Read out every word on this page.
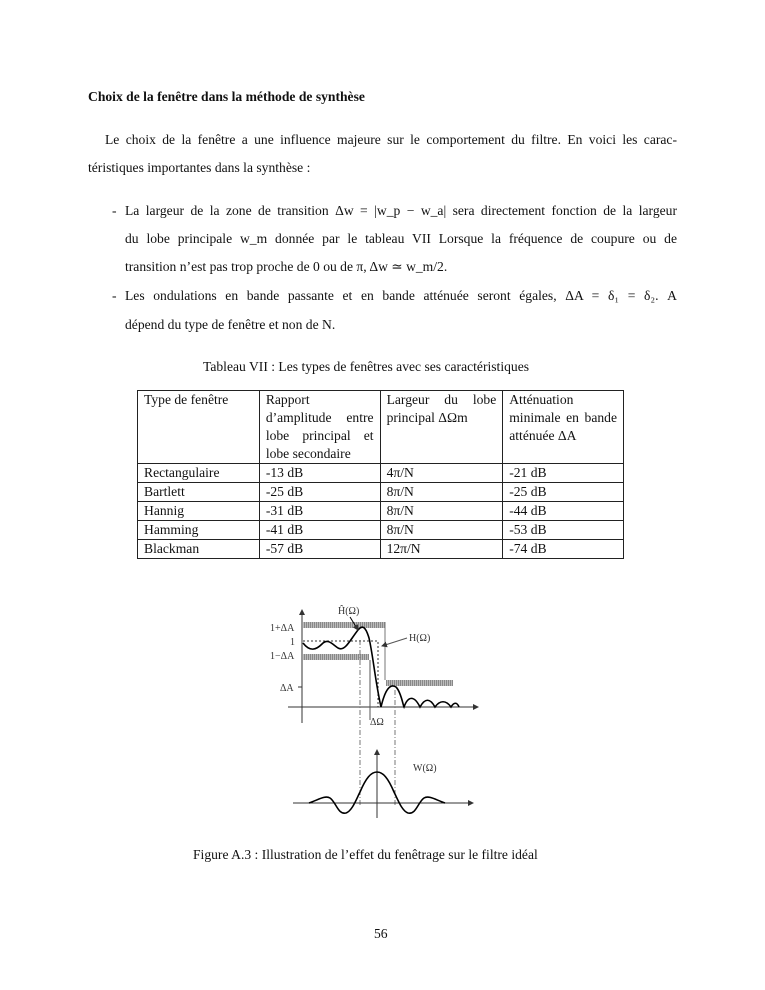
Choix de la fenêtre dans la méthode de synthèse
Le choix de la fenêtre a une influence majeure sur le comportement du filtre. En voici les carac-
téristiques importantes dans la synthèse :
- La largeur de la zone de transition Δw = |w_p − w_a| sera directement fonction de la largeur
du lobe principale w_m donnée par le tableau VII Lorsque la fréquence de coupure ou de
transition n’est pas trop proche de 0 ou de π, Δw ≃ w_m/2.
- Les ondulations en bande passante et en bande atténuée seront égales, ΔA = δ₁ = δ₂. A
dépend du type de fenêtre et non de N.
Tableau VII : Les types de fenêtres avec ses caractéristiques
Type de fenêtre	Rapport d’amplitude entre lobe principal et lobe secondaire	Largeur du lobe principal ΔΩm	Atténuation minimale en bande atténuée ΔA
Rectangulaire	-13 dB	4π/N	-21 dB
Bartlett	-25 dB	8π/N	-25 dB
Hannig	-31 dB	8π/N	-44 dB
Hamming	-41 dB	8π/N	-53 dB
Blackman	-57 dB	12π/N	-74 dB
Ĥ(Ω)
H(Ω)
1+ΔA
1
1−ΔA
ΔA
ΔΩ
W(Ω)
Figure A.3 : Illustration de l’effet du fenêtrage sur le filtre idéal
56
